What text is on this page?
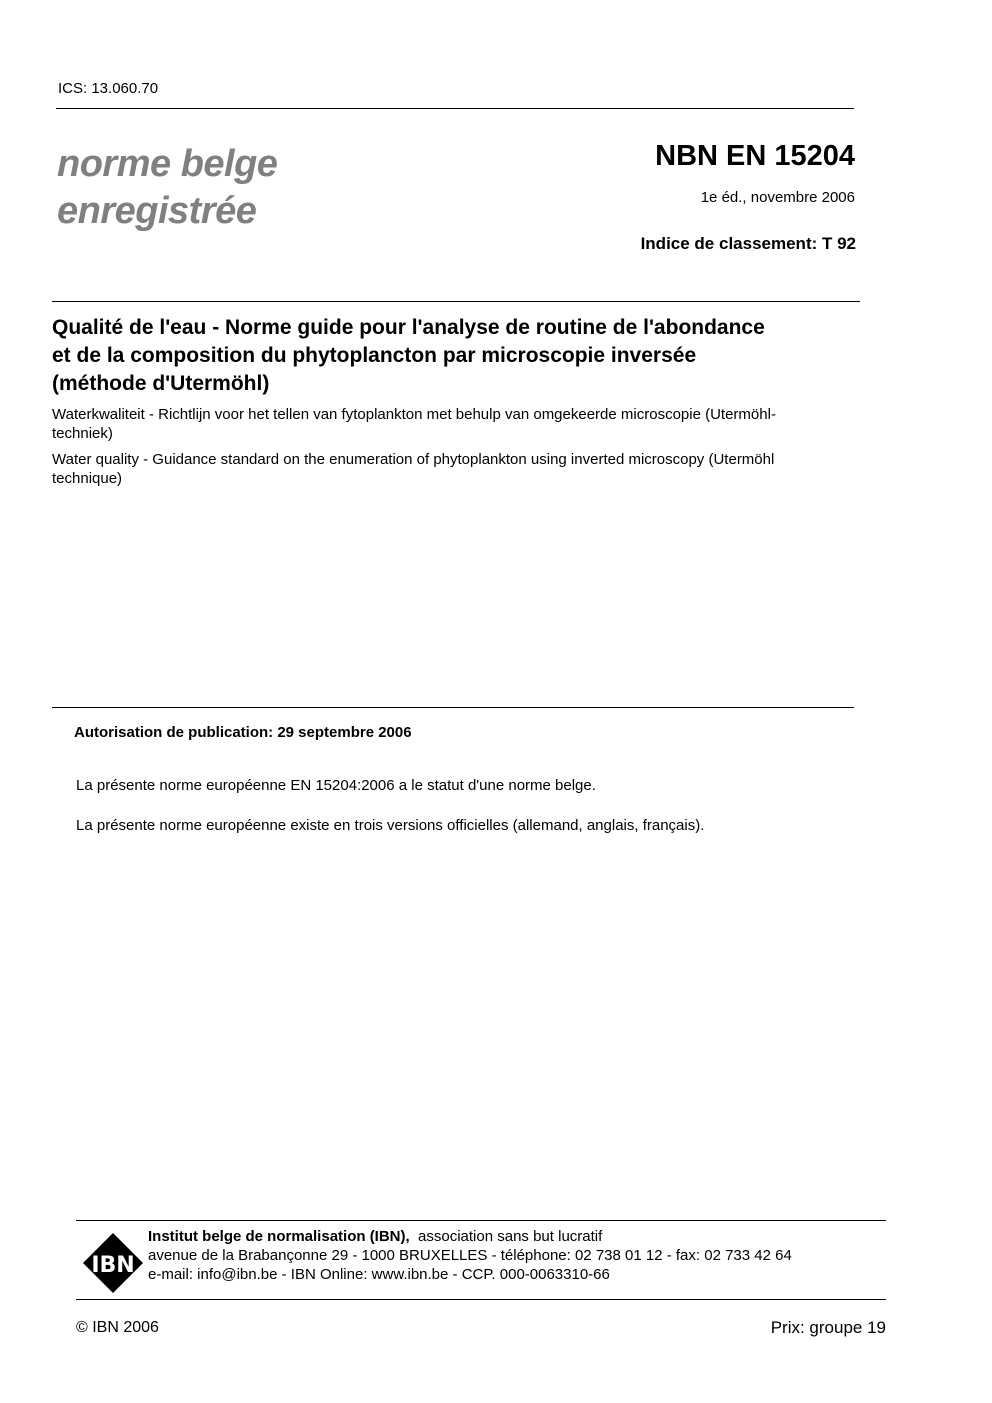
ICS: 13.060.70
norme belge
enregistrée
NBN EN 15204
1e éd., novembre 2006
Indice de classement: T 92
Qualité de l'eau - Norme guide pour l'analyse de routine de l'abondance
et de la composition du phytoplancton par microscopie inversée
(méthode d'Utermöhl)
Waterkwaliteit - Richtlijn voor het tellen van fytoplankton met behulp van omgekeerde microscopie (Utermöhl-
techniek)
Water quality - Guidance standard on the enumeration of phytoplankton using inverted microscopy (Utermöhl
technique)
Autorisation de publication: 29 septembre 2006
La présente norme européenne EN 15204:2006 a le statut d'une norme belge.
La présente norme européenne existe en trois versions officielles (allemand, anglais, français).
IBN
Institut belge de normalisation (IBN), association sans but lucratif
avenue de la Brabançonne 29 - 1000 BRUXELLES - téléphone: 02 738 01 12 - fax: 02 733 42 64
e-mail: info@ibn.be - IBN Online: www.ibn.be - CCP. 000-0063310-66
© IBN 2006	Prix: groupe 19
